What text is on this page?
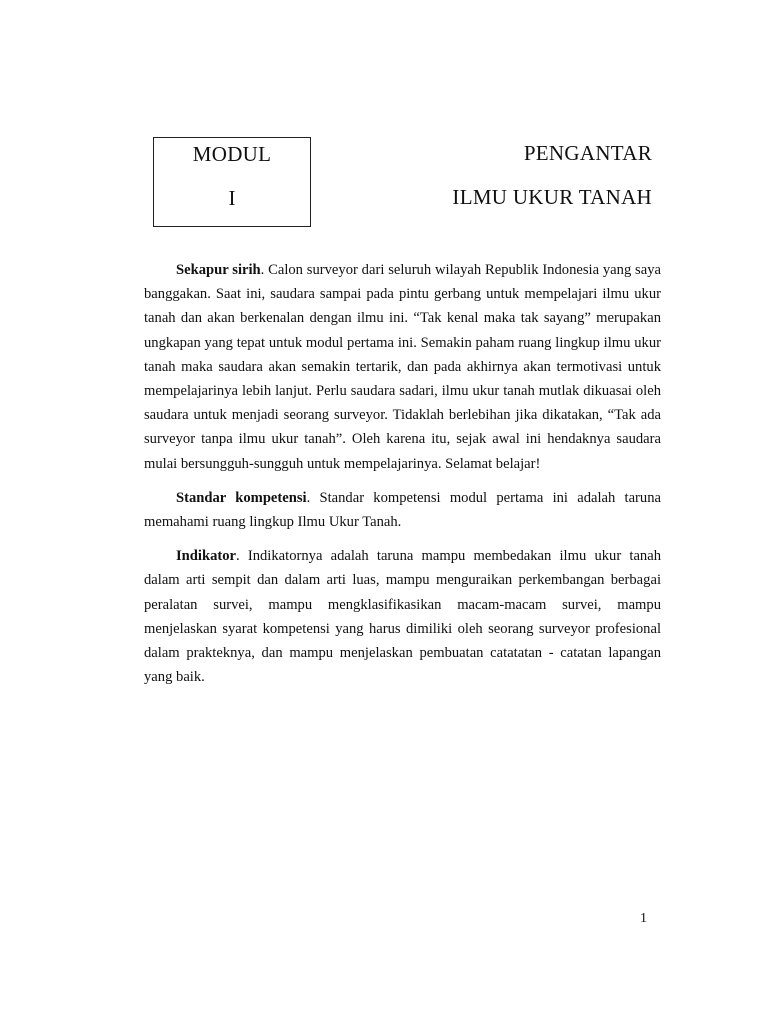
MODUL
I
PENGANTAR
ILMU UKUR TANAH

Sekapur sirih. Calon surveyor dari seluruh wilayah Republik Indonesia yang saya banggakan. Saat ini, saudara sampai pada pintu gerbang untuk mempelajari ilmu ukur tanah dan akan berkenalan dengan ilmu ini. “Tak kenal maka tak sayang” merupakan ungkapan yang tepat untuk modul pertama ini. Semakin paham ruang lingkup ilmu ukur tanah maka saudara akan semakin tertarik, dan pada akhirnya akan termotivasi untuk mempelajarinya lebih lanjut. Perlu saudara sadari, ilmu ukur tanah mutlak dikuasai oleh saudara untuk menjadi seorang surveyor. Tidaklah berlebihan jika dikatakan, “Tak ada surveyor tanpa ilmu ukur tanah”. Oleh karena itu, sejak awal ini hendaknya saudara mulai bersungguh-sungguh untuk mempelajarinya. Selamat belajar!

Standar kompetensi. Standar kompetensi modul pertama ini adalah taruna memahami ruang lingkup Ilmu Ukur Tanah.

Indikator. Indikatornya adalah taruna mampu membedakan ilmu ukur tanah dalam arti sempit dan dalam arti luas, mampu menguraikan perkembangan berbagai peralatan survei, mampu mengklasifikasikan macam-macam survei, mampu menjelaskan syarat kompetensi yang harus dimiliki oleh seorang surveyor profesional dalam prakteknya, dan mampu menjelaskan pembuatan catatatan - catatan lapangan yang baik.

1
